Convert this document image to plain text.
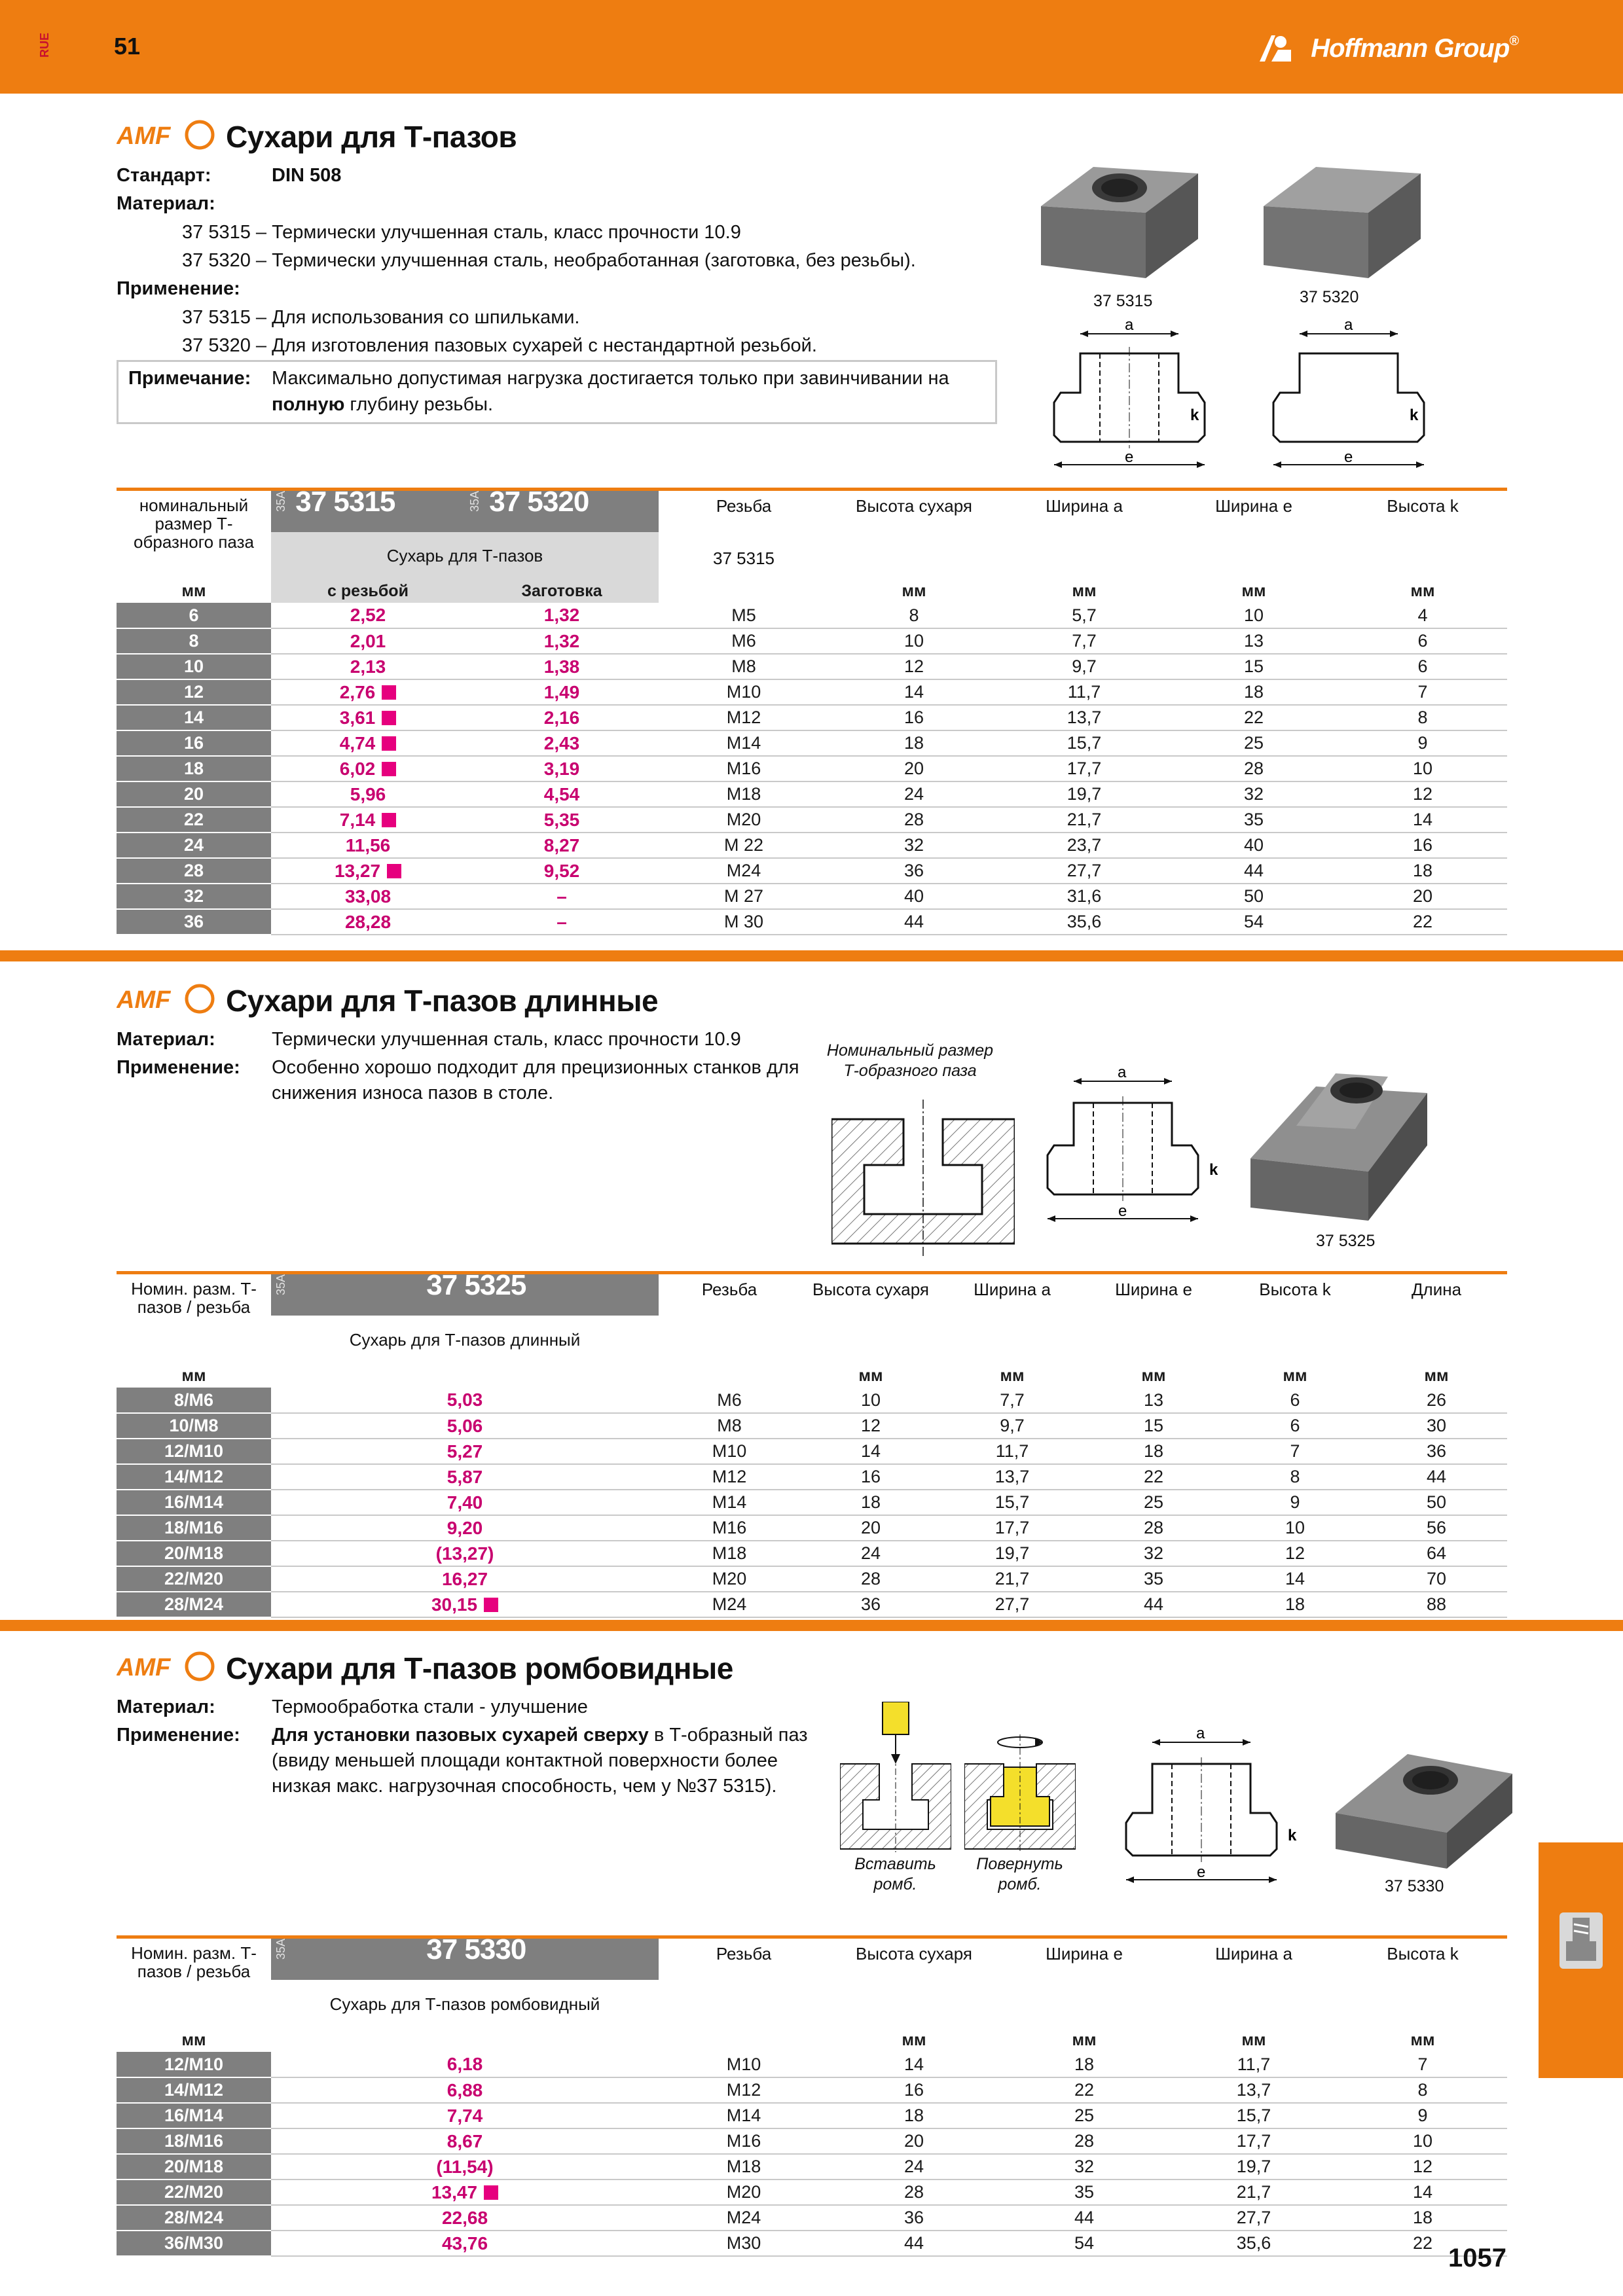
RUE	51	Hoffmann Group®
AMF Сухари для Т-пазов
Стандарт:	DIN 508
Материал:
37 5315 – Термически улучшенная сталь, класс прочности 10.9
37 5320 – Термически улучшенная сталь, необработанная (заготовка, без резьбы).
Применение:
37 5315 – Для использования со шпильками.
37 5320 – Для изготовления пазовых сухарей с нестандартной резьбой.
Примечание: Максимально допустимая нагрузка достигается только при завинчивании на
полную глубину резьбы.
37 5315	37 5320
a
e
k
a
e
k
номинальный размер Т-образного паза	35A 37 5315	35A 37 5320	Резьба
37 5315	Высота сухаря	Ширина a	Ширина e	Высота k
	Сухарь для Т-пазов						
мм	с резьбой	Заготовка		мм	мм	мм	мм
6	2,52	1,32	M5	8	5,7	10	4
8	2,01	1,32	M6	10	7,7	13	6
10	2,13	1,38	M8	12	9,7	15	6
12	2,76	1,49	M10	14	11,7	18	7
14	3,61	2,16	M12	16	13,7	22	8
16	4,74	2,43	M14	18	15,7	25	9
18	6,02	3,19	M16	20	17,7	28	10
20	5,96	4,54	M18	24	19,7	32	12
22	7,14	5,35	M20	28	21,7	35	14
24	11,56	8,27	M 22	32	23,7	40	16
28	13,27	9,52	M24	36	27,7	44	18
32	33,08	–	M 27	40	31,6	50	20
36	28,28	–	M 30	44	35,6	54	22
AMF Сухари для Т-пазов длинные
Материал:	Термически улучшенная сталь, класс прочности 10.9
Применение: Особенно хорошо подходит для прецизионных станков для
снижения износа пазов в столе.
Номинальный размер
Т-образного паза	a
e
k
37 5325
Номин. разм. Т-пазов / резьба	35A 37 5325	Резьба	Высота сухаря	Ширина a	Ширина e	Высота k	Длина
	Сухарь для Т-пазов длинный						
мм			мм	мм	мм	мм	мм
8/M6	5,03	M6	10	7,7	13	6	26
10/M8	5,06	M8	12	9,7	15	6	30
12/M10	5,27	M10	14	11,7	18	7	36
14/M12	5,87	M12	16	13,7	22	8	44
16/M14	7,40	M14	18	15,7	25	9	50
18/M16	9,20	M16	20	17,7	28	10	56
20/M18	(13,27)	M18	24	19,7	32	12	64
22/M20	16,27	M20	28	21,7	35	14	70
28/M24	30,15	M24	36	27,7	44	18	88
AMF Сухари для Т-пазов ромбовидные
Материал:	Термообработка стали - улучшение
Применение: Для установки пазовых сухарей сверху в Т-образный паз
(ввиду меньшей площади контактной поверхности более
низкая макс. нагрузочная способность, чем у №37 5315).
Вставить
ромб.
Повернуть
ромб.
a
e
k
37 5330
Номин. разм. Т-пазов / резьба	35A 37 5330	Резьба	Высота сухаря	Ширина e	Ширина a	Высота k
	Сухарь для Т-пазов ромбовидный					
мм			мм	мм	мм	мм
12/M10	6,18	M10	14	18	11,7	7
14/M12	6,88	M12	16	22	13,7	8
16/M14	7,74	M14	18	25	15,7	9
18/M16	8,67	M16	20	28	17,7	10
20/M18	(11,54)	M18	24	32	19,7	12
22/M20	13,47	M20	28	35	21,7	14
28/M24	22,68	M24	36	44	27,7	18
36/M30	43,76	M30	44	54	35,6	22
1057
